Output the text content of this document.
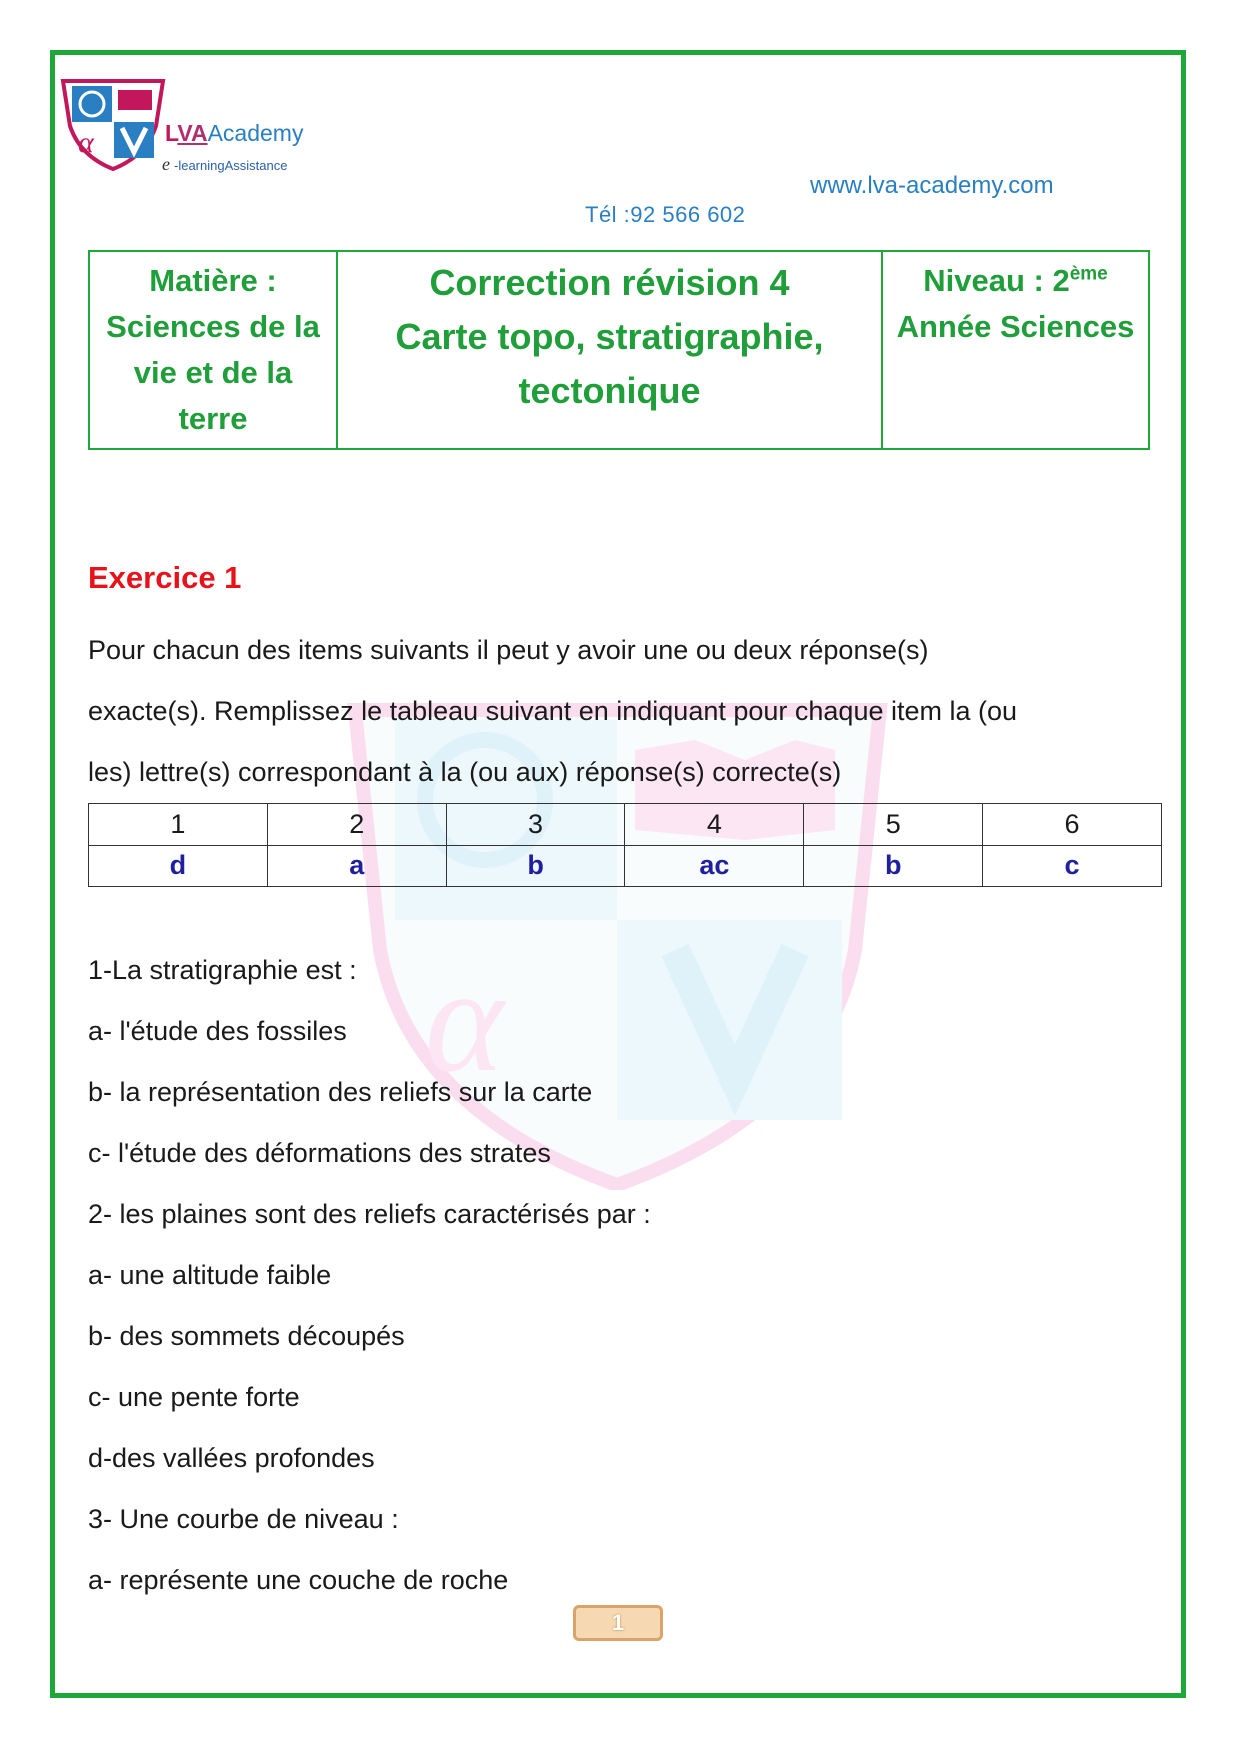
α
α	LVAAcademy
e -learningAssistance
www.lva-academy.com
Tél :92 566 602
Matière :
Sciences de la vie et de la terre

Correction révision 4
Carte topo, stratigraphie, tectonique

Niveau : 2ème
Année Sciences
Exercice 1
Pour chacun des items suivants il peut y avoir une ou deux réponse(s)
exacte(s). Remplissez le tableau suivant en indiquant pour chaque item la (ou
les) lettre(s) correspondant à la (ou aux) réponse(s) correcte(s)
1	2	3	4	5	6
d	a	b	ac	b	c
1-La stratigraphie est :
a- l'étude des fossiles
b- la représentation des reliefs sur la carte
c- l'étude des déformations des strates
2- les plaines sont des reliefs caractérisés par :
a- une altitude faible
b- des sommets découpés
c- une pente forte
d-des vallées profondes
3- Une courbe de niveau :
a- représente une couche de roche
1
